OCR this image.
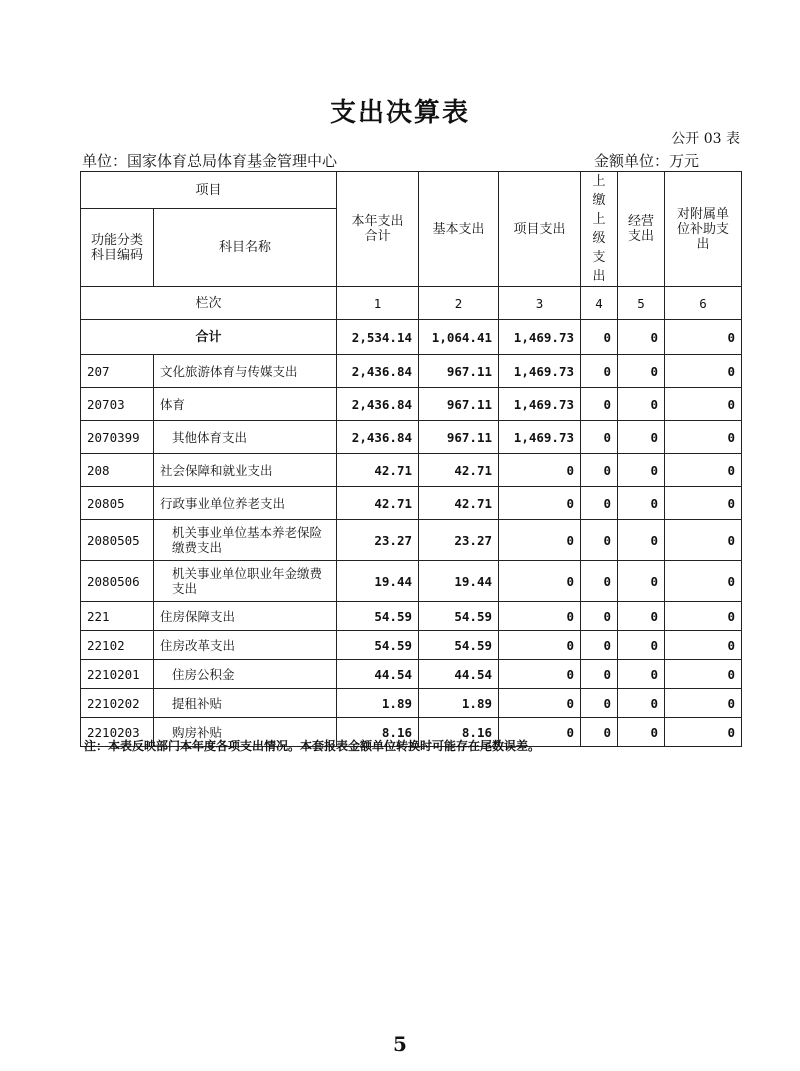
支出决算表
公开 03 表
单位：国家体育总局体育基金管理中心	金额单位：万元
项目		本年支出合计	基本支出	项目支出	上缴上级支出	经营支出	对附属单位补助支出
功能分类科目编码	科目名称						
栏次		1	2	3	4	5	6
合计		2,534.14	1,064.41	1,469.73	0	0	0
207	文化旅游体育与传媒支出	2,436.84	967.11	1,469.73	0	0	0
20703	体育	2,436.84	967.11	1,469.73	0	0	0
2070399	其他体育支出	2,436.84	967.11	1,469.73	0	0	0
208	社会保障和就业支出	42.71	42.71	0	0	0	0
20805	行政事业单位养老支出	42.71	42.71	0	0	0	0
2080505	机关事业单位基本养老保险缴费支出	23.27	23.27	0	0	0	0
2080506	机关事业单位职业年金缴费支出	19.44	19.44	0	0	0	0
221	住房保障支出	54.59	54.59	0	0	0	0
22102	住房改革支出	54.59	54.59	0	0	0	0
2210201	住房公积金	44.54	44.54	0	0	0	0
2210202	提租补贴	1.89	1.89	0	0	0	0
2210203	购房补贴	8.16	8.16	0	0	0	0
注：本表反映部门本年度各项支出情况。本套报表金额单位转换时可能存在尾数误差。
5
